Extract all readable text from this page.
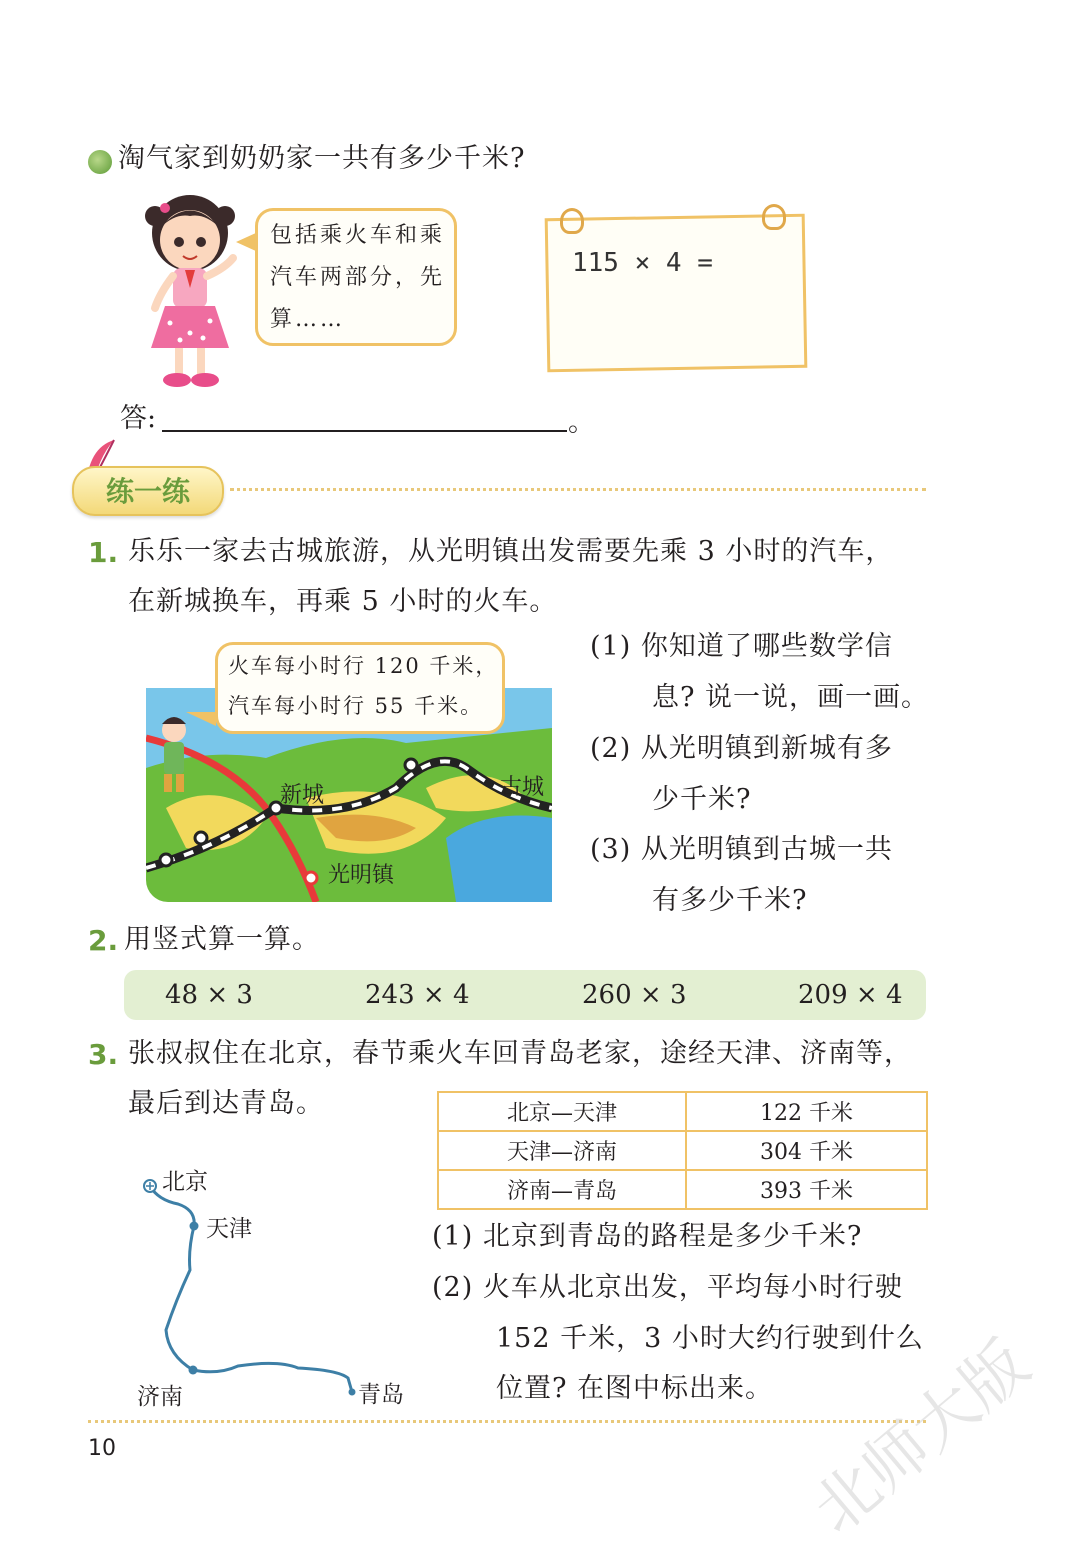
淘气家到奶奶家一共有多少千米?
包括乘火车和乘
汽车两部分，先
算……
115 × 4 =
答:	。
练一练
1. 乐乐一家去古城旅游，从光明镇出发需要先乘 3 小时的汽车，
在新城换车，再乘 5 小时的火车。
新城	古城
光明镇
火车每小时行 120 千米，
汽车每小时行 55 千米。
(1) 你知道了哪些数学信
息? 说一说，画一画。
(2) 从光明镇到新城有多
少千米?
(3) 从光明镇到古城一共
有多少千米?
2. 用竖式算一算。
48 × 3	243 × 4	260 × 3	209 × 4
3. 张叔叔住在北京，春节乘火车回青岛老家，途经天津、济南等，
最后到达青岛。	北京—天津	122 千米
天津—济南	304 千米
济南—青岛	393 千米
北京
天津
济南	青岛
(1) 北京到青岛的路程是多少千米?
(2) 火车从北京出发，平均每小时行驶
152 千米，3 小时大约行驶到什么
位置? 在图中标出来。
10	北师大版
